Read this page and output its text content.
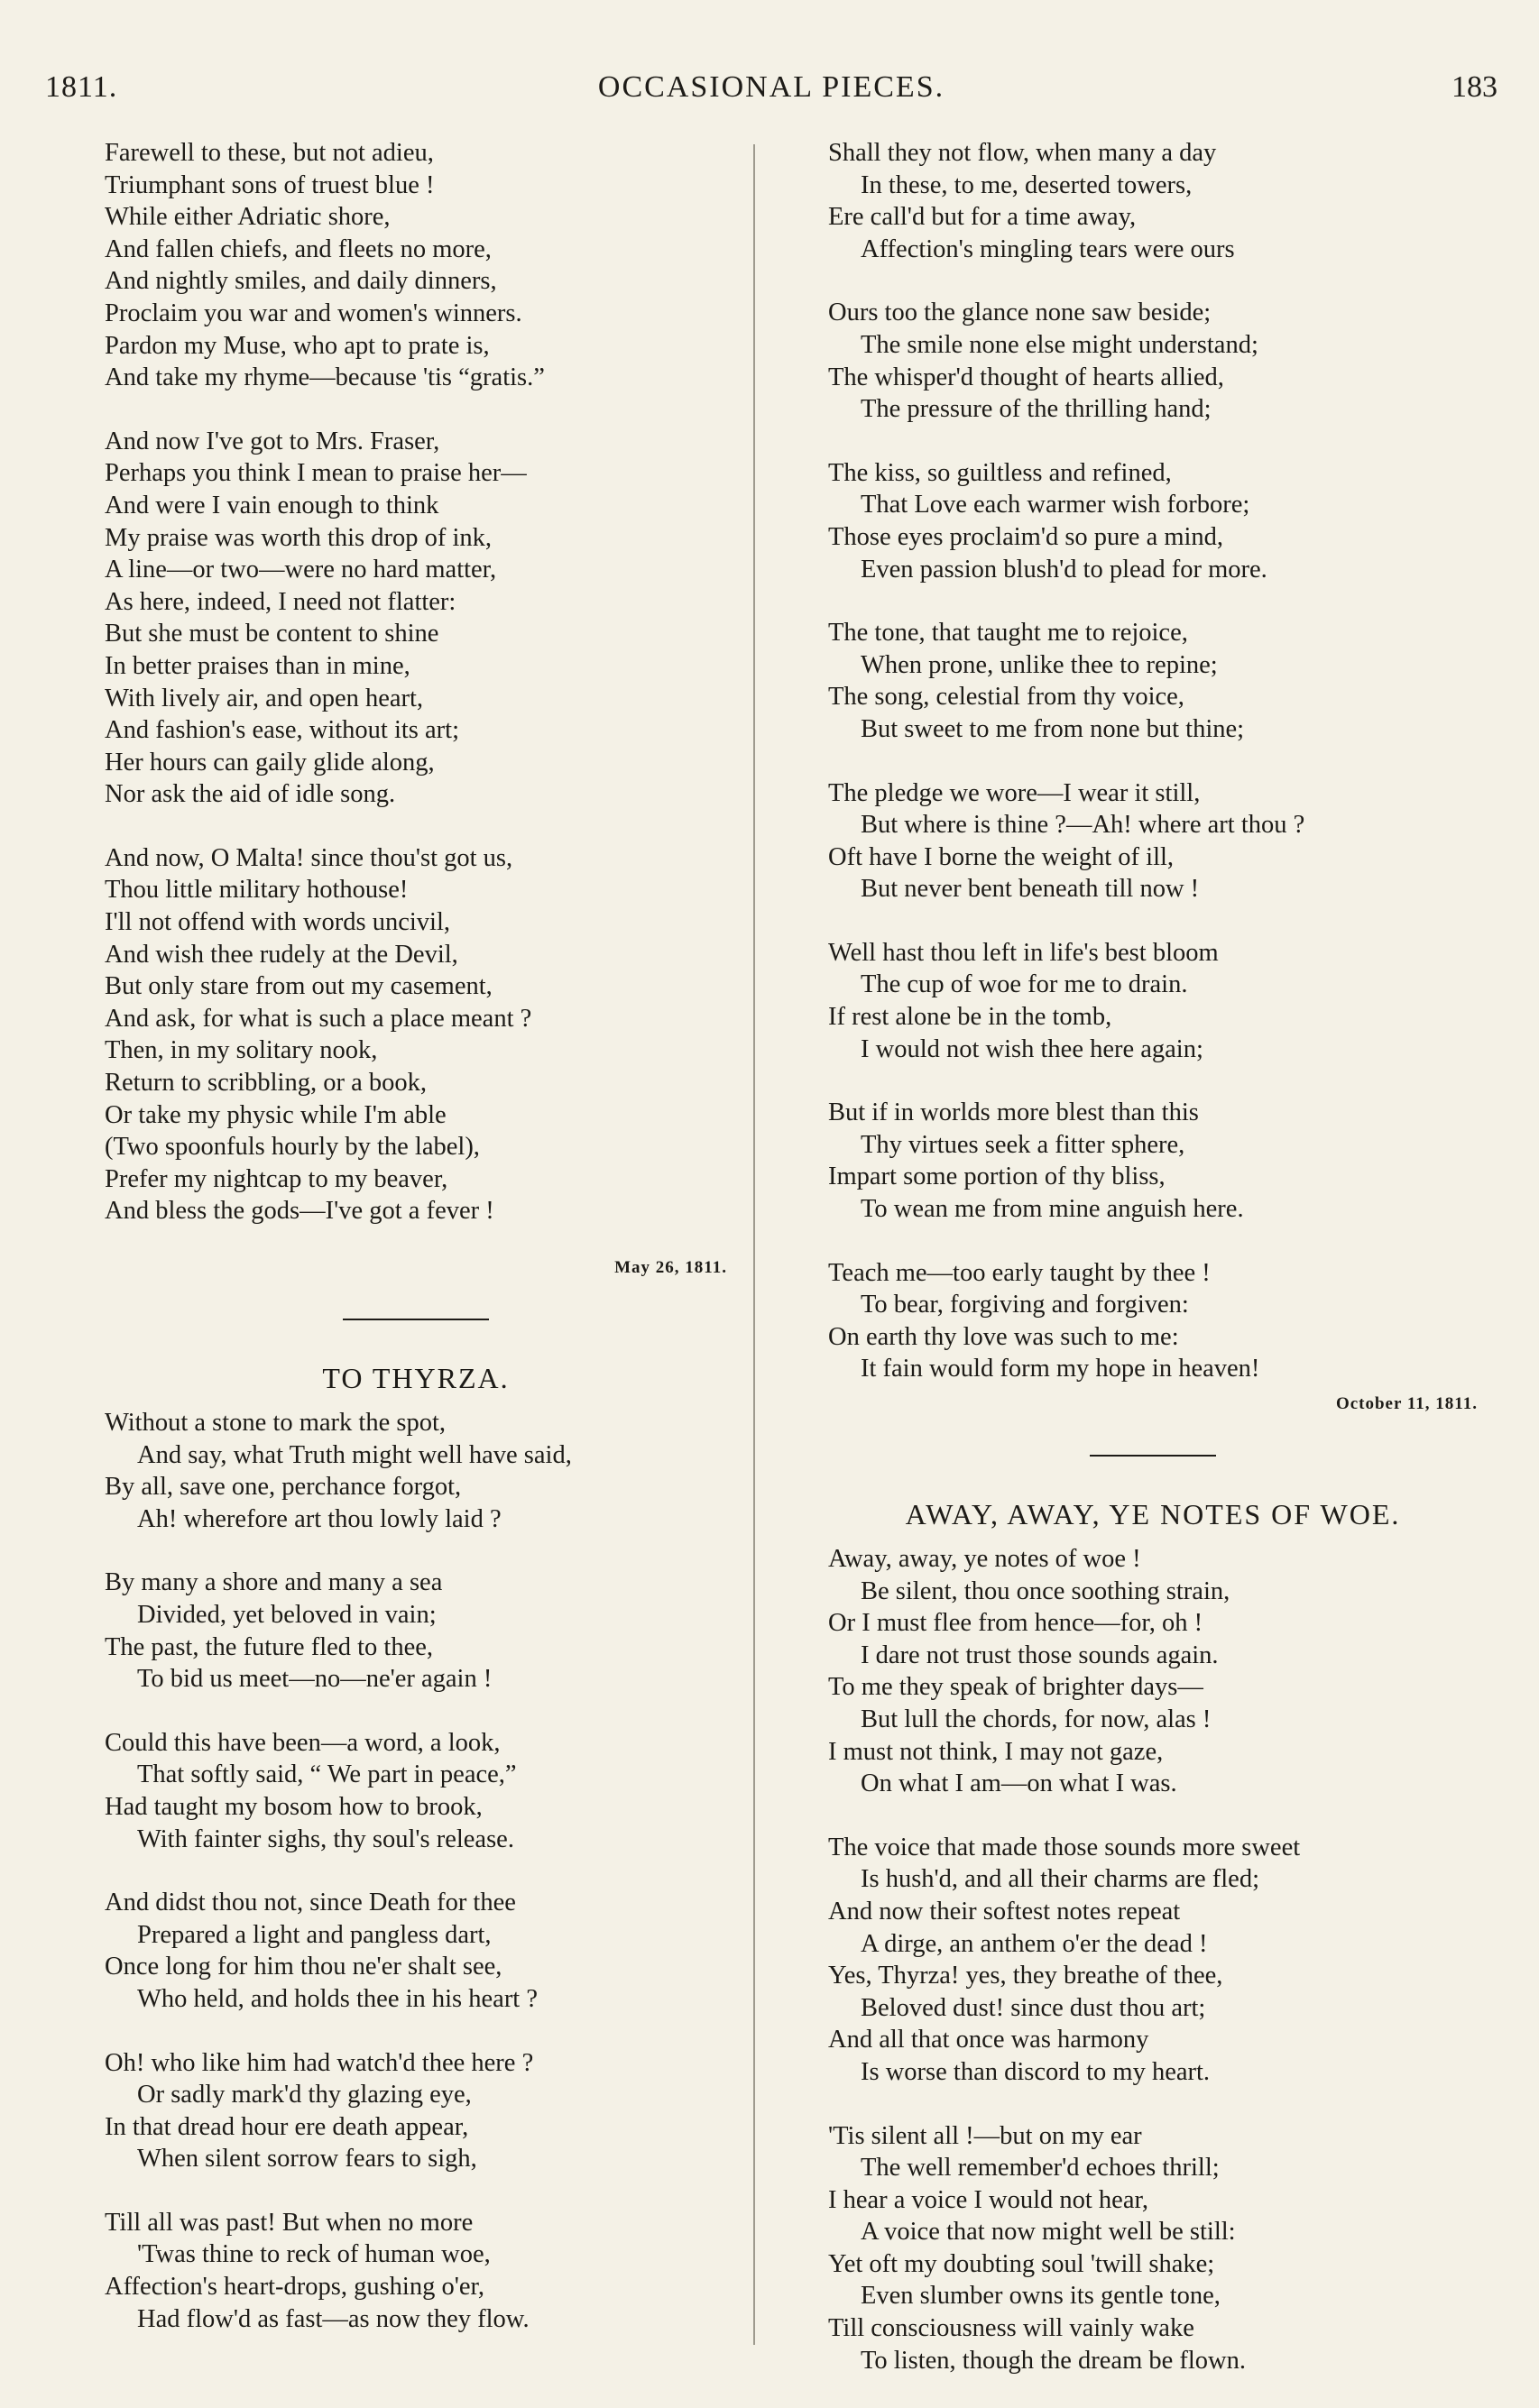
OCCASIONAL PIECES.
1811.	183
Farewell to these, but not adieu,
Triumphant sons of truest blue !
While either Adriatic shore,
And fallen chiefs, and fleets no more,
And nightly smiles, and daily dinners,
Proclaim you war and women's winners.
Pardon my Muse, who apt to prate is,
And take my rhyme—because 'tis “gratis.”
And now I've got to Mrs. Fraser,
Perhaps you think I mean to praise her—
And were I vain enough to think
My praise was worth this drop of ink,
A line—or two—were no hard matter,
As here, indeed, I need not flatter:
But she must be content to shine
In better praises than in mine,
With lively air, and open heart,
And fashion's ease, without its art;
Her hours can gaily glide along,
Nor ask the aid of idle song.
And now, O Malta! since thou'st got us,
Thou little military hothouse!
I'll not offend with words uncivil,
And wish thee rudely at the Devil,
But only stare from out my casement,
And ask, for what is such a place meant ?
Then, in my solitary nook,
Return to scribbling, or a book,
Or take my physic while I'm able
(Two spoonfuls hourly by the label),
Prefer my nightcap to my beaver,
And bless the gods—I've got a fever !
May 26, 1811.
TO THYRZA.
Without a stone to mark the spot,
And say, what Truth might well have said,
By all, save one, perchance forgot,
Ah! wherefore art thou lowly laid ?
By many a shore and many a sea
Divided, yet beloved in vain;
The past, the future fled to thee,
To bid us meet—no—ne'er again !
Could this have been—a word, a look,
That softly said, “ We part in peace,”
Had taught my bosom how to brook,
With fainter sighs, thy soul's release.
And didst thou not, since Death for thee
Prepared a light and pangless dart,
Once long for him thou ne'er shalt see,
Who held, and holds thee in his heart ?
Oh! who like him had watch'd thee here ?
Or sadly mark'd thy glazing eye,
In that dread hour ere death appear,
When silent sorrow fears to sigh,
Till all was past! But when no more
'Twas thine to reck of human woe,
Affection's heart-drops, gushing o'er,
Had flow'd as fast—as now they flow.
Shall they not flow, when many a day
In these, to me, deserted towers,
Ere call'd but for a time away,
Affection's mingling tears were ours
Ours too the glance none saw beside;
The smile none else might understand;
The whisper'd thought of hearts allied,
The pressure of the thrilling hand;
The kiss, so guiltless and refined,
That Love each warmer wish forbore;
Those eyes proclaim'd so pure a mind,
Even passion blush'd to plead for more.
The tone, that taught me to rejoice,
When prone, unlike thee to repine;
The song, celestial from thy voice,
But sweet to me from none but thine;
The pledge we wore—I wear it still,
But where is thine ?—Ah! where art thou ?
Oft have I borne the weight of ill,
But never bent beneath till now !
Well hast thou left in life's best bloom
The cup of woe for me to drain.
If rest alone be in the tomb,
I would not wish thee here again;
But if in worlds more blest than this
Thy virtues seek a fitter sphere,
Impart some portion of thy bliss,
To wean me from mine anguish here.
Teach me—too early taught by thee !
To bear, forgiving and forgiven:
On earth thy love was such to me:
It fain would form my hope in heaven!
October 11, 1811.
AWAY, AWAY, YE NOTES OF WOE.
Away, away, ye notes of woe !
Be silent, thou once soothing strain,
Or I must flee from hence—for, oh !
I dare not trust those sounds again.
To me they speak of brighter days—
But lull the chords, for now, alas !
I must not think, I may not gaze,
On what I am—on what I was.
The voice that made those sounds more sweet
Is hush'd, and all their charms are fled;
And now their softest notes repeat
A dirge, an anthem o'er the dead !
Yes, Thyrza! yes, they breathe of thee,
Beloved dust! since dust thou art;
And all that once was harmony
Is worse than discord to my heart.
'Tis silent all !—but on my ear
The well remember'd echoes thrill;
I hear a voice I would not hear,
A voice that now might well be still:
Yet oft my doubting soul 'twill shake;
Even slumber owns its gentle tone,
Till consciousness will vainly wake
To listen, though the dream be flown.
